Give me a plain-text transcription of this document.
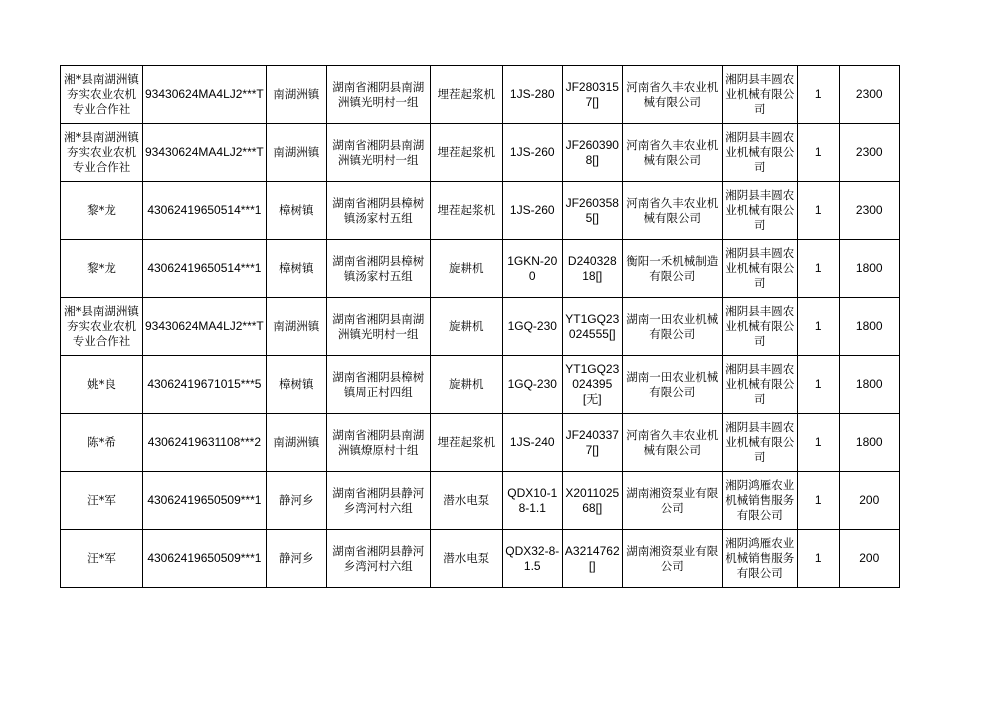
湘*县南湖洲镇夯实农业农机专业合作社	93430624MA4LJ2***T	南湖洲镇	湖南省湘阴县南湖洲镇光明村一组	埋茬起浆机	1JS-280	JF2803157[]	河南省久丰农业机械有限公司	湘阴县丰圆农业机械有限公司	1	2300
湘*县南湖洲镇夯实农业农机专业合作社	93430624MA4LJ2***T	南湖洲镇	湖南省湘阴县南湖洲镇光明村一组	埋茬起浆机	1JS-260	JF2603908[]	河南省久丰农业机械有限公司	湘阴县丰圆农业机械有限公司	1	2300
黎*龙	43062419650514***1	樟树镇	湖南省湘阴县樟树镇汤家村五组	埋茬起浆机	1JS-260	JF2603585[]	河南省久丰农业机械有限公司	湘阴县丰圆农业机械有限公司	1	2300
黎*龙	43062419650514***1	樟树镇	湖南省湘阴县樟树镇汤家村五组	旋耕机	1GKN-200	D24032818[]	衡阳一禾机械制造有限公司	湘阴县丰圆农业机械有限公司	1	1800
湘*县南湖洲镇夯实农业农机专业合作社	93430624MA4LJ2***T	南湖洲镇	湖南省湘阴县南湖洲镇光明村一组	旋耕机	1GQ-230	YT1GQ23024555[]	湖南一田农业机械有限公司	湘阴县丰圆农业机械有限公司	1	1800
姚*良	43062419671015***5	樟树镇	湖南省湘阴县樟树镇周正村四组	旋耕机	1GQ-230	YT1GQ23024395[无]	湖南一田农业机械有限公司	湘阴县丰圆农业机械有限公司	1	1800
陈*希	43062419631108***2	南湖洲镇	湖南省湘阴县南湖洲镇燎原村十组	埋茬起浆机	1JS-240	JF2403377[]	河南省久丰农业机械有限公司	湘阴县丰圆农业机械有限公司	1	1800
汪*军	43062419650509***1	静河乡	湖南省湘阴县静河乡湾河村六组	潜水电泵	QDX10-18-1.1	X201102568[]	湖南湘资泵业有限公司	湘阴鸿雁农业机械销售服务有限公司	1	200
汪*军	43062419650509***1	静河乡	湖南省湘阴县静河乡湾河村六组	潜水电泵	QDX32-8-1.5	A3214762[]	湖南湘资泵业有限公司	湘阴鸿雁农业机械销售服务有限公司	1	200
